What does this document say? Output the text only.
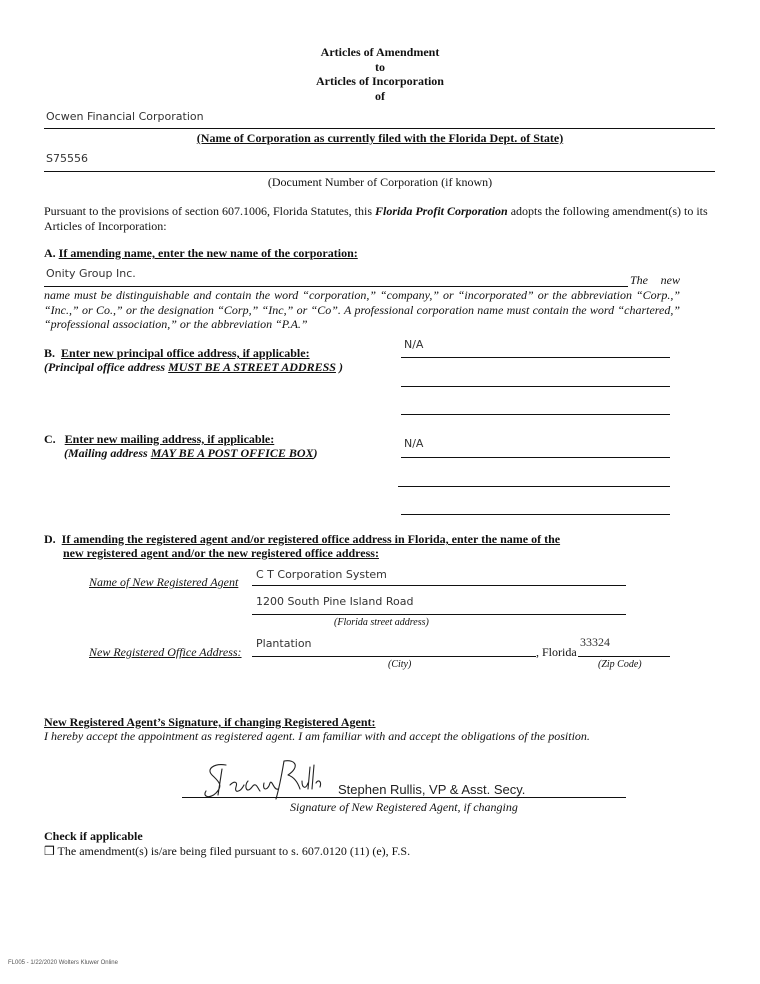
Articles of Amendment
to
Articles of Incorporation
of
Ocwen Financial Corporation
(Name of Corporation as currently filed with the Florida Dept. of State)
S75556
(Document Number of Corporation (if known)
Pursuant to the provisions of section 607.1006, Florida Statutes, this Florida Profit Corporation adopts the following amendment(s) to its Articles of Incorporation:
A. If amending name, enter the new name of the corporation:
Onity Group Inc.	The new
name must be distinguishable and contain the word “corporation,” “company,” or “incorporated” or the abbreviation “Corp.,” “Inc.,” or Co.,” or the designation “Corp,” “Inc,” or “Co”. A professional corporation name must contain the word “chartered,” “professional association,” or the abbreviation “P.A.”
B. Enter new principal office address, if applicable:
(Principal office address MUST BE A STREET ADDRESS )
N/A
C. Enter new mailing address, if applicable:
(Mailing address MAY BE A POST OFFICE BOX)
N/A
D. If amending the registered agent and/or registered office address in Florida, enter the name of the
new registered agent and/or the new registered office address:
Name of New Registered Agent
C T Corporation System
1200 South Pine Island Road
(Florida street address)
New Registered Office Address:
Plantation
, Florida
33324
(City)	(Zip Code)
New Registered Agent’s Signature, if changing Registered Agent:
I hereby accept the appointment as registered agent. I am familiar with and accept the obligations of the position.
Stephen Rullis, VP & Asst. Secy.
Signature of New Registered Agent, if changing
Check if applicable
❒ The amendment(s) is/are being filed pursuant to s. 607.0120 (11) (e), F.S.
FL005 - 1/22/2020 Wolters Kluwer Online
